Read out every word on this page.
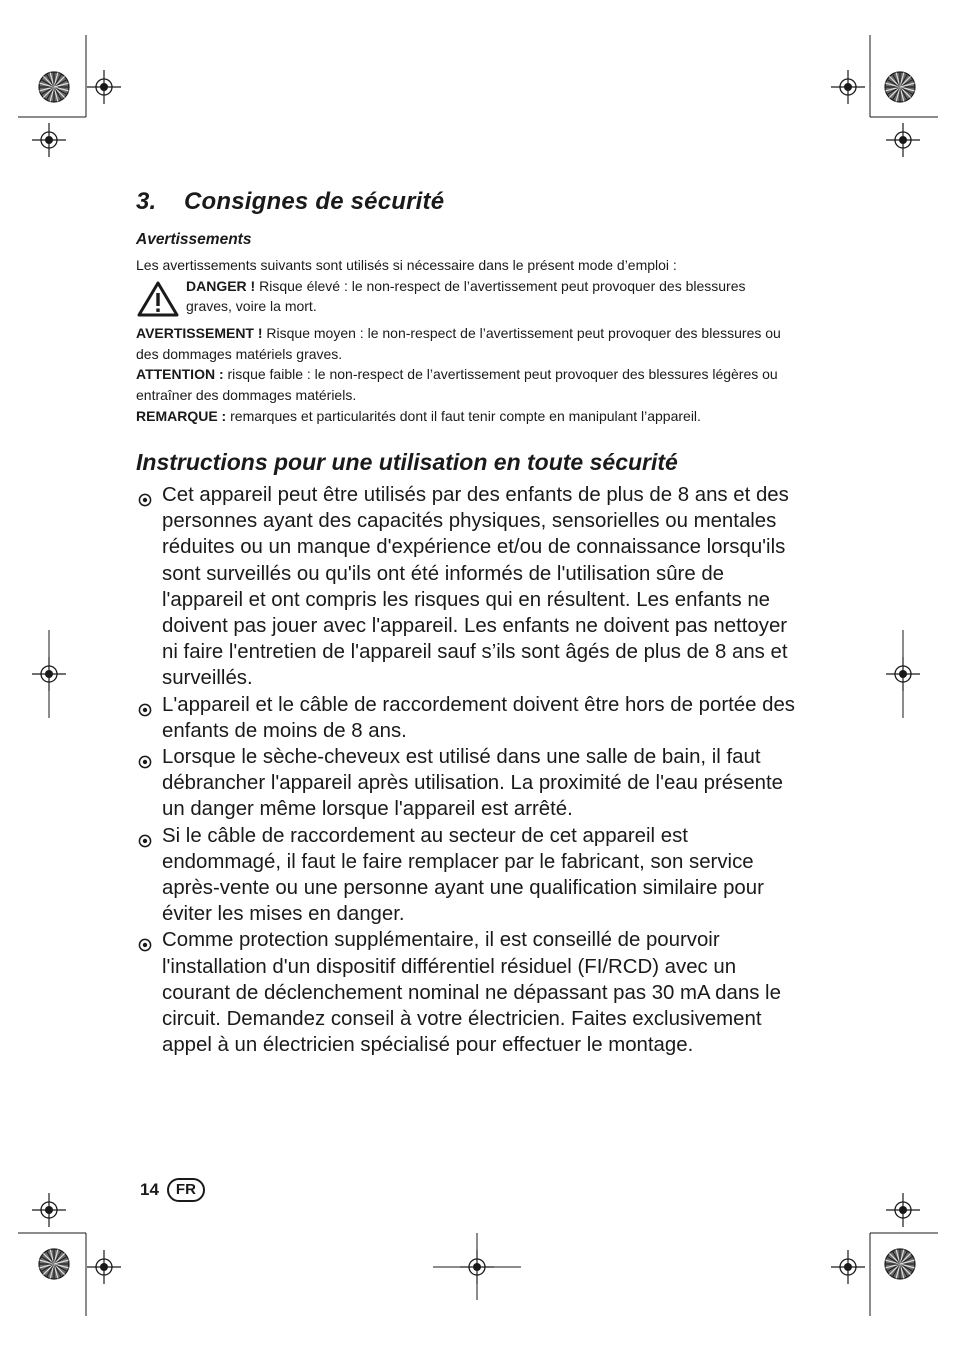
3. Consignes de sécurité
Avertissements

Les avertissements suivants sont utilisés si nécessaire dans le présent mode d’emploi :

DANGER ! Risque élevé : le non-respect de l’avertissement peut provoquer des blessures graves, voire la mort.

AVERTISSEMENT ! Risque moyen : le non-respect de l’avertissement peut provoquer des blessures ou des dommages matériels graves.

ATTENTION : risque faible : le non-respect de l’avertissement peut provoquer des blessures légères ou entraîner des dommages matériels.

REMARQUE : remarques et particularités dont il faut tenir compte en manipulant l’appareil.

Instructions pour une utilisation en toute sécurité
Cet appareil peut être utilisés par des enfants de plus de 8 ans et des personnes ayant des capacités physiques, sensorielles ou mentales réduites ou un manque d'expérience et/ou de connaissance lorsqu'ils sont surveillés ou qu'ils ont été informés de l'utilisation sûre de l'appareil et ont compris les risques qui en résultent. Les enfants ne doivent pas jouer avec l'appareil. Les enfants ne doivent pas nettoyer ni faire l'entretien de l'appareil sauf s’ils sont âgés de plus de 8 ans et surveillés.
L'appareil et le câble de raccordement doivent être hors de portée des enfants de moins de 8 ans.
Lorsque le sèche-cheveux est utilisé dans une salle de bain, il faut débrancher l'appareil après utilisation. La proximité de l'eau présente un danger même lorsque l'appareil est arrêté.
Si le câble de raccordement au secteur de cet appareil est endommagé, il faut le faire remplacer par le fabricant, son service après-vente ou une personne ayant une qualification similaire pour éviter les mises en danger.
Comme protection supplémentaire, il est conseillé de pourvoir l'installation d'un dispositif différentiel résiduel (FI/RCD) avec un courant de déclenchement nominal ne dépassant pas 30 mA dans le circuit. Demandez conseil à votre électricien. Faites exclusivement appel à un électricien spécialisé pour effectuer le montage.
14	FR
